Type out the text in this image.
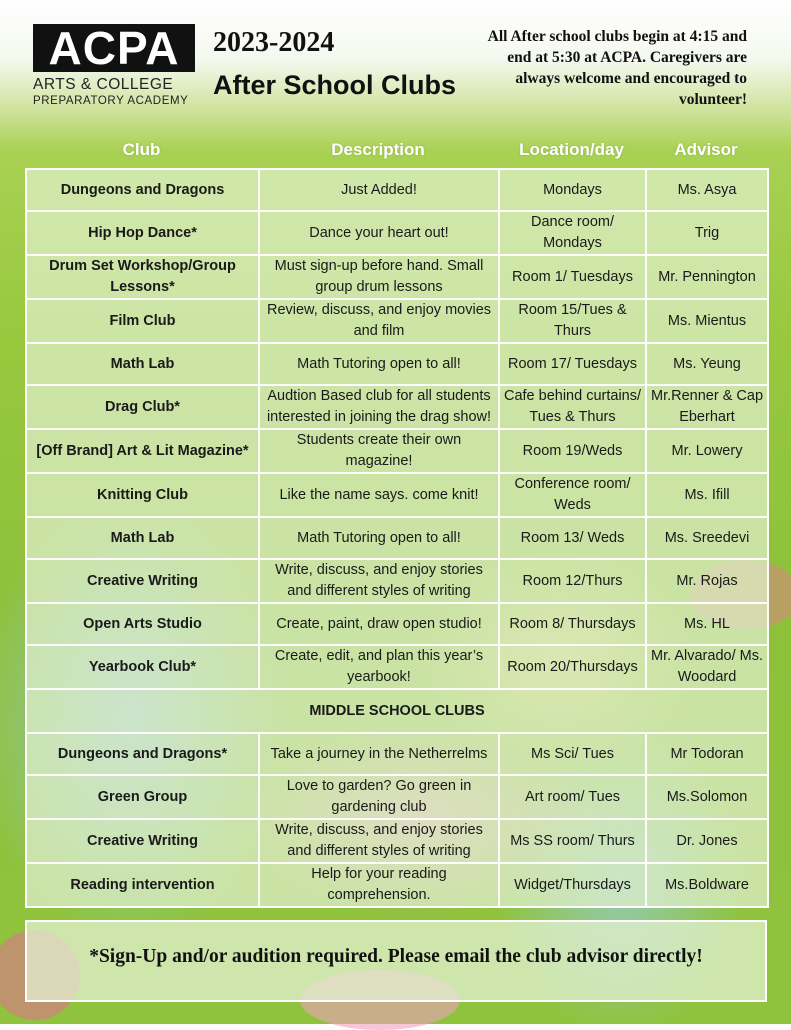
ACPA
ARTS & COLLEGE
PREPARATORY ACADEMY
2023-2024
After School Clubs
All After school clubs begin at 4:15 and end at 5:30 at ACPA. Caregivers are always welcome and encouraged to volunteer!
Club	Description	Location/day	Advisor
Dungeons and Dragons	Just Added!	Mondays	Ms. Asya
Hip Hop Dance*	Dance your heart out!	Dance room/ Mondays	Trig
Drum Set Workshop/Group Lessons*	Must sign-up before hand. Small group drum lessons	Room 1/ Tuesdays	Mr. Pennington
Film Club	Review, discuss, and enjoy movies and film	Room 15/Tues & Thurs	Ms. Mientus
Math Lab	Math Tutoring open to all!	Room 17/ Tuesdays	Ms. Yeung
Drag Club*	Audtion Based club for all students interested in joining the drag show!	Cafe behind curtains/ Tues & Thurs	Mr.Renner & Cap Eberhart
[Off Brand] Art & Lit Magazine*	Students create their own magazine!	Room 19/Weds	Mr. Lowery
Knitting Club	Like the name says. come knit!	Conference room/ Weds	Ms. Ifill
Math Lab	Math Tutoring open to all!	Room 13/ Weds	Ms. Sreedevi
Creative Writing	Write, discuss, and enjoy stories and different styles of writing	Room 12/Thurs	Mr. Rojas
Open Arts Studio	Create, paint, draw open studio!	Room 8/ Thursdays	Ms. HL
Yearbook Club*	Create, edit, and plan this year’s yearbook!	Room 20/Thursdays	Mr. Alvarado/ Ms. Woodard
MIDDLE SCHOOL CLUBS			
Dungeons and Dragons*	Take a journey in the Netherrelms	Ms Sci/ Tues	Mr Todoran
Green Group	Love to garden? Go green in gardening club	Art room/ Tues	Ms.Solomon
Creative Writing	Write, discuss, and enjoy stories and different styles of writing	Ms SS room/ Thurs	Dr. Jones
Reading intervention	Help for your reading comprehension.	Widget/Thursdays	Ms.Boldware
*Sign-Up and/or audition required. Please email the club advisor directly!
